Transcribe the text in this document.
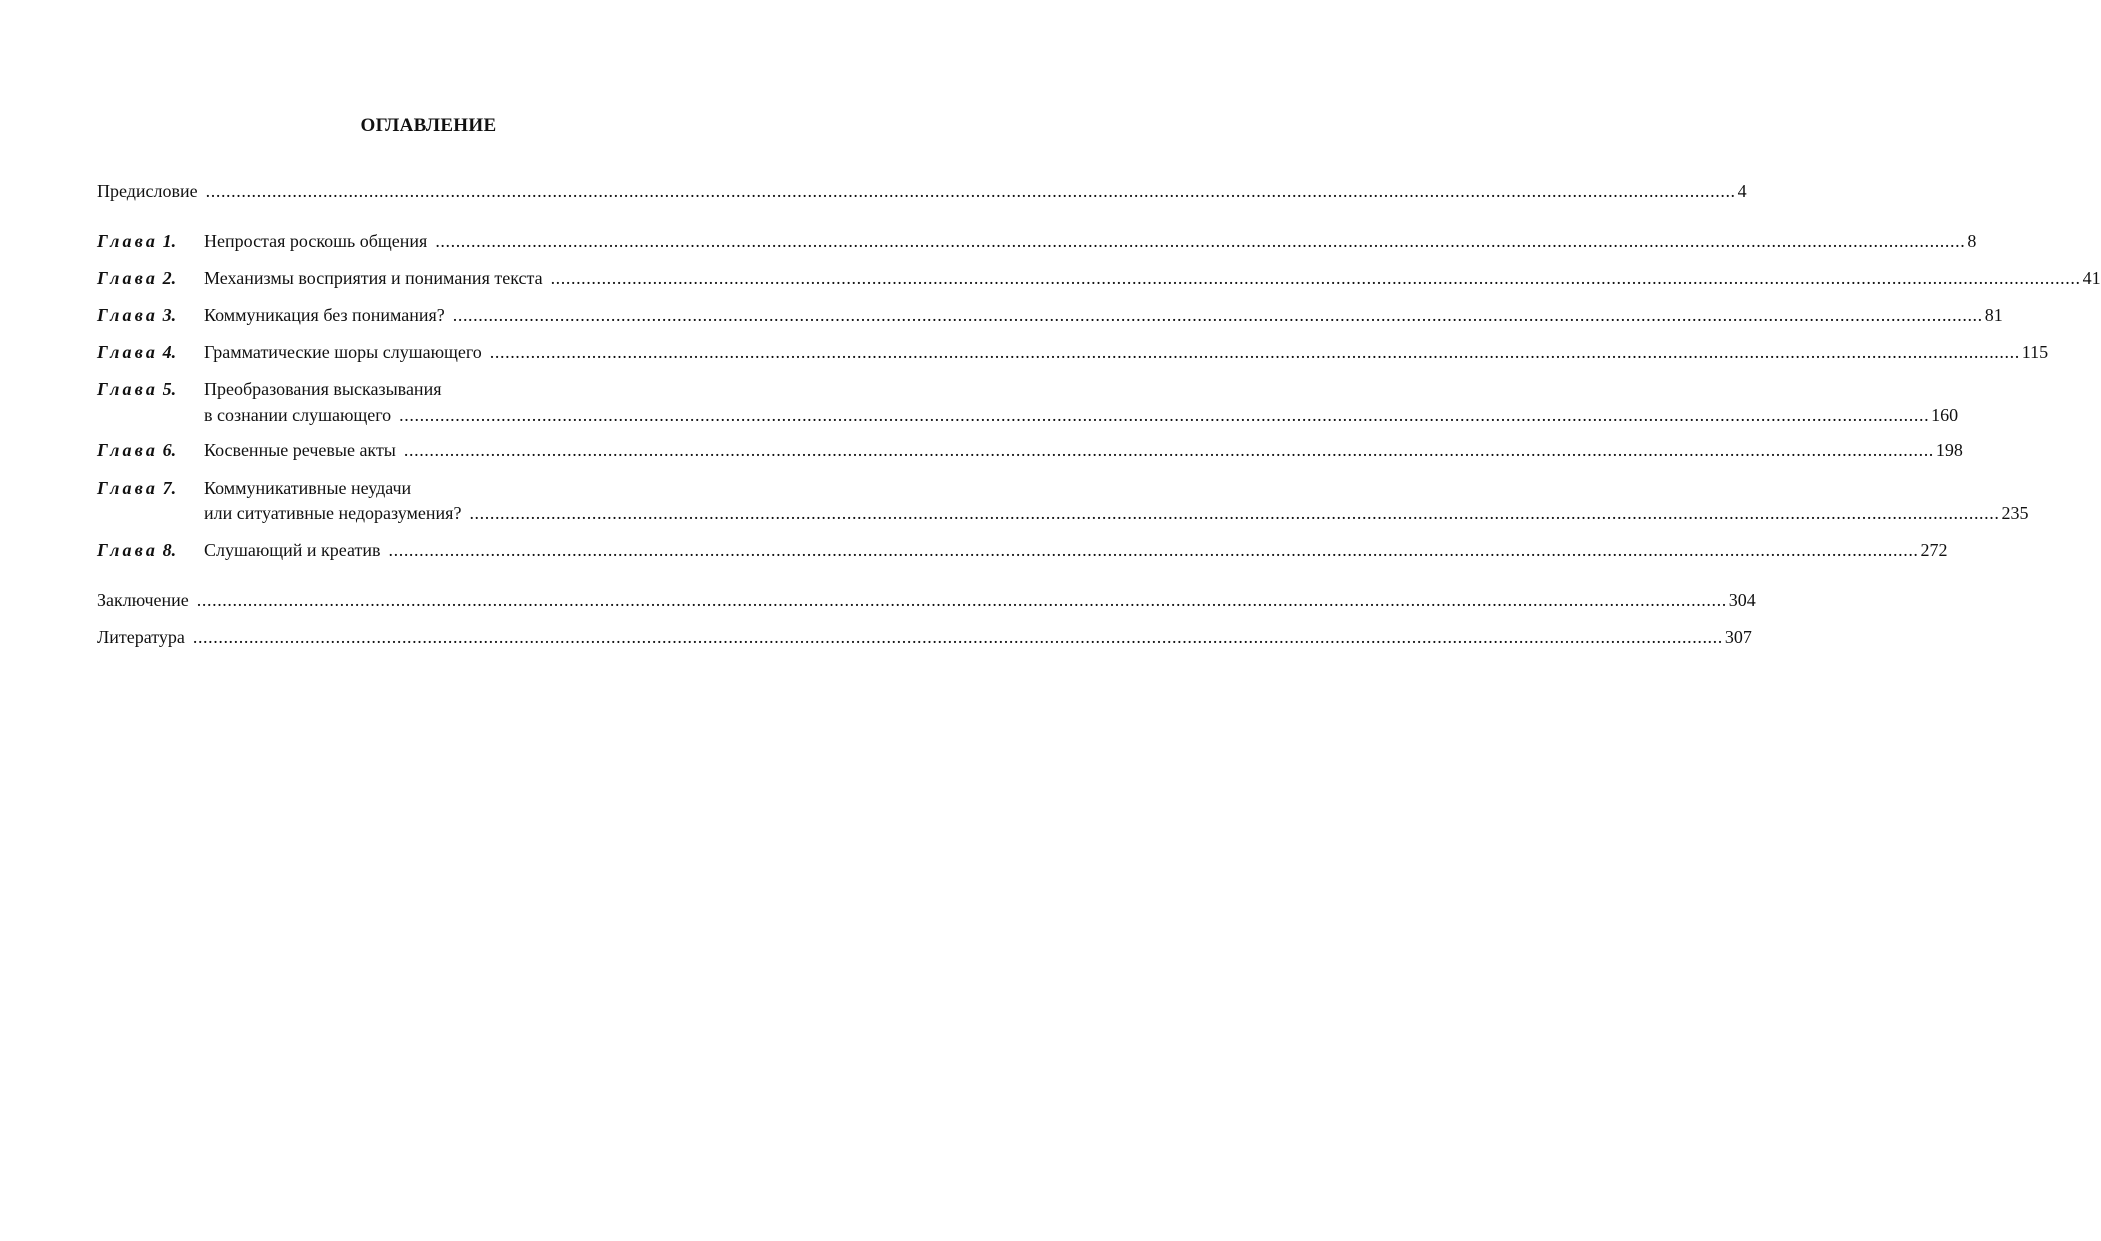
ОГЛАВЛЕНИЕ
Предисловие ............................................................................................................................................................................................................................................................................................................ 4
Глава 1.	Непростая роскошь общения ............................................................................................................................................................................................................................................................................................................ 8
Глава 2.	Механизмы восприятия и понимания текста ............................................................................................................................................................................................................................................................................................................ 41
Глава 3.	Коммуникация без понимания? ............................................................................................................................................................................................................................................................................................................ 81
Глава 4.	Грамматические шоры слушающего ............................................................................................................................................................................................................................................................................................................ 115
Глава 5.	Преобразования высказывания
в сознании слушающего ............................................................................................................................................................................................................................................................................................................ 160
Глава 6.	Косвенные речевые акты ............................................................................................................................................................................................................................................................................................................ 198
Глава 7.	Коммуникативные неудачи
или ситуативные недоразумения? ............................................................................................................................................................................................................................................................................................................ 235
Глава 8.	Слушающий и креатив ............................................................................................................................................................................................................................................................................................................ 272
Заключение ............................................................................................................................................................................................................................................................................................................ 304
Литература ............................................................................................................................................................................................................................................................................................................ 307
